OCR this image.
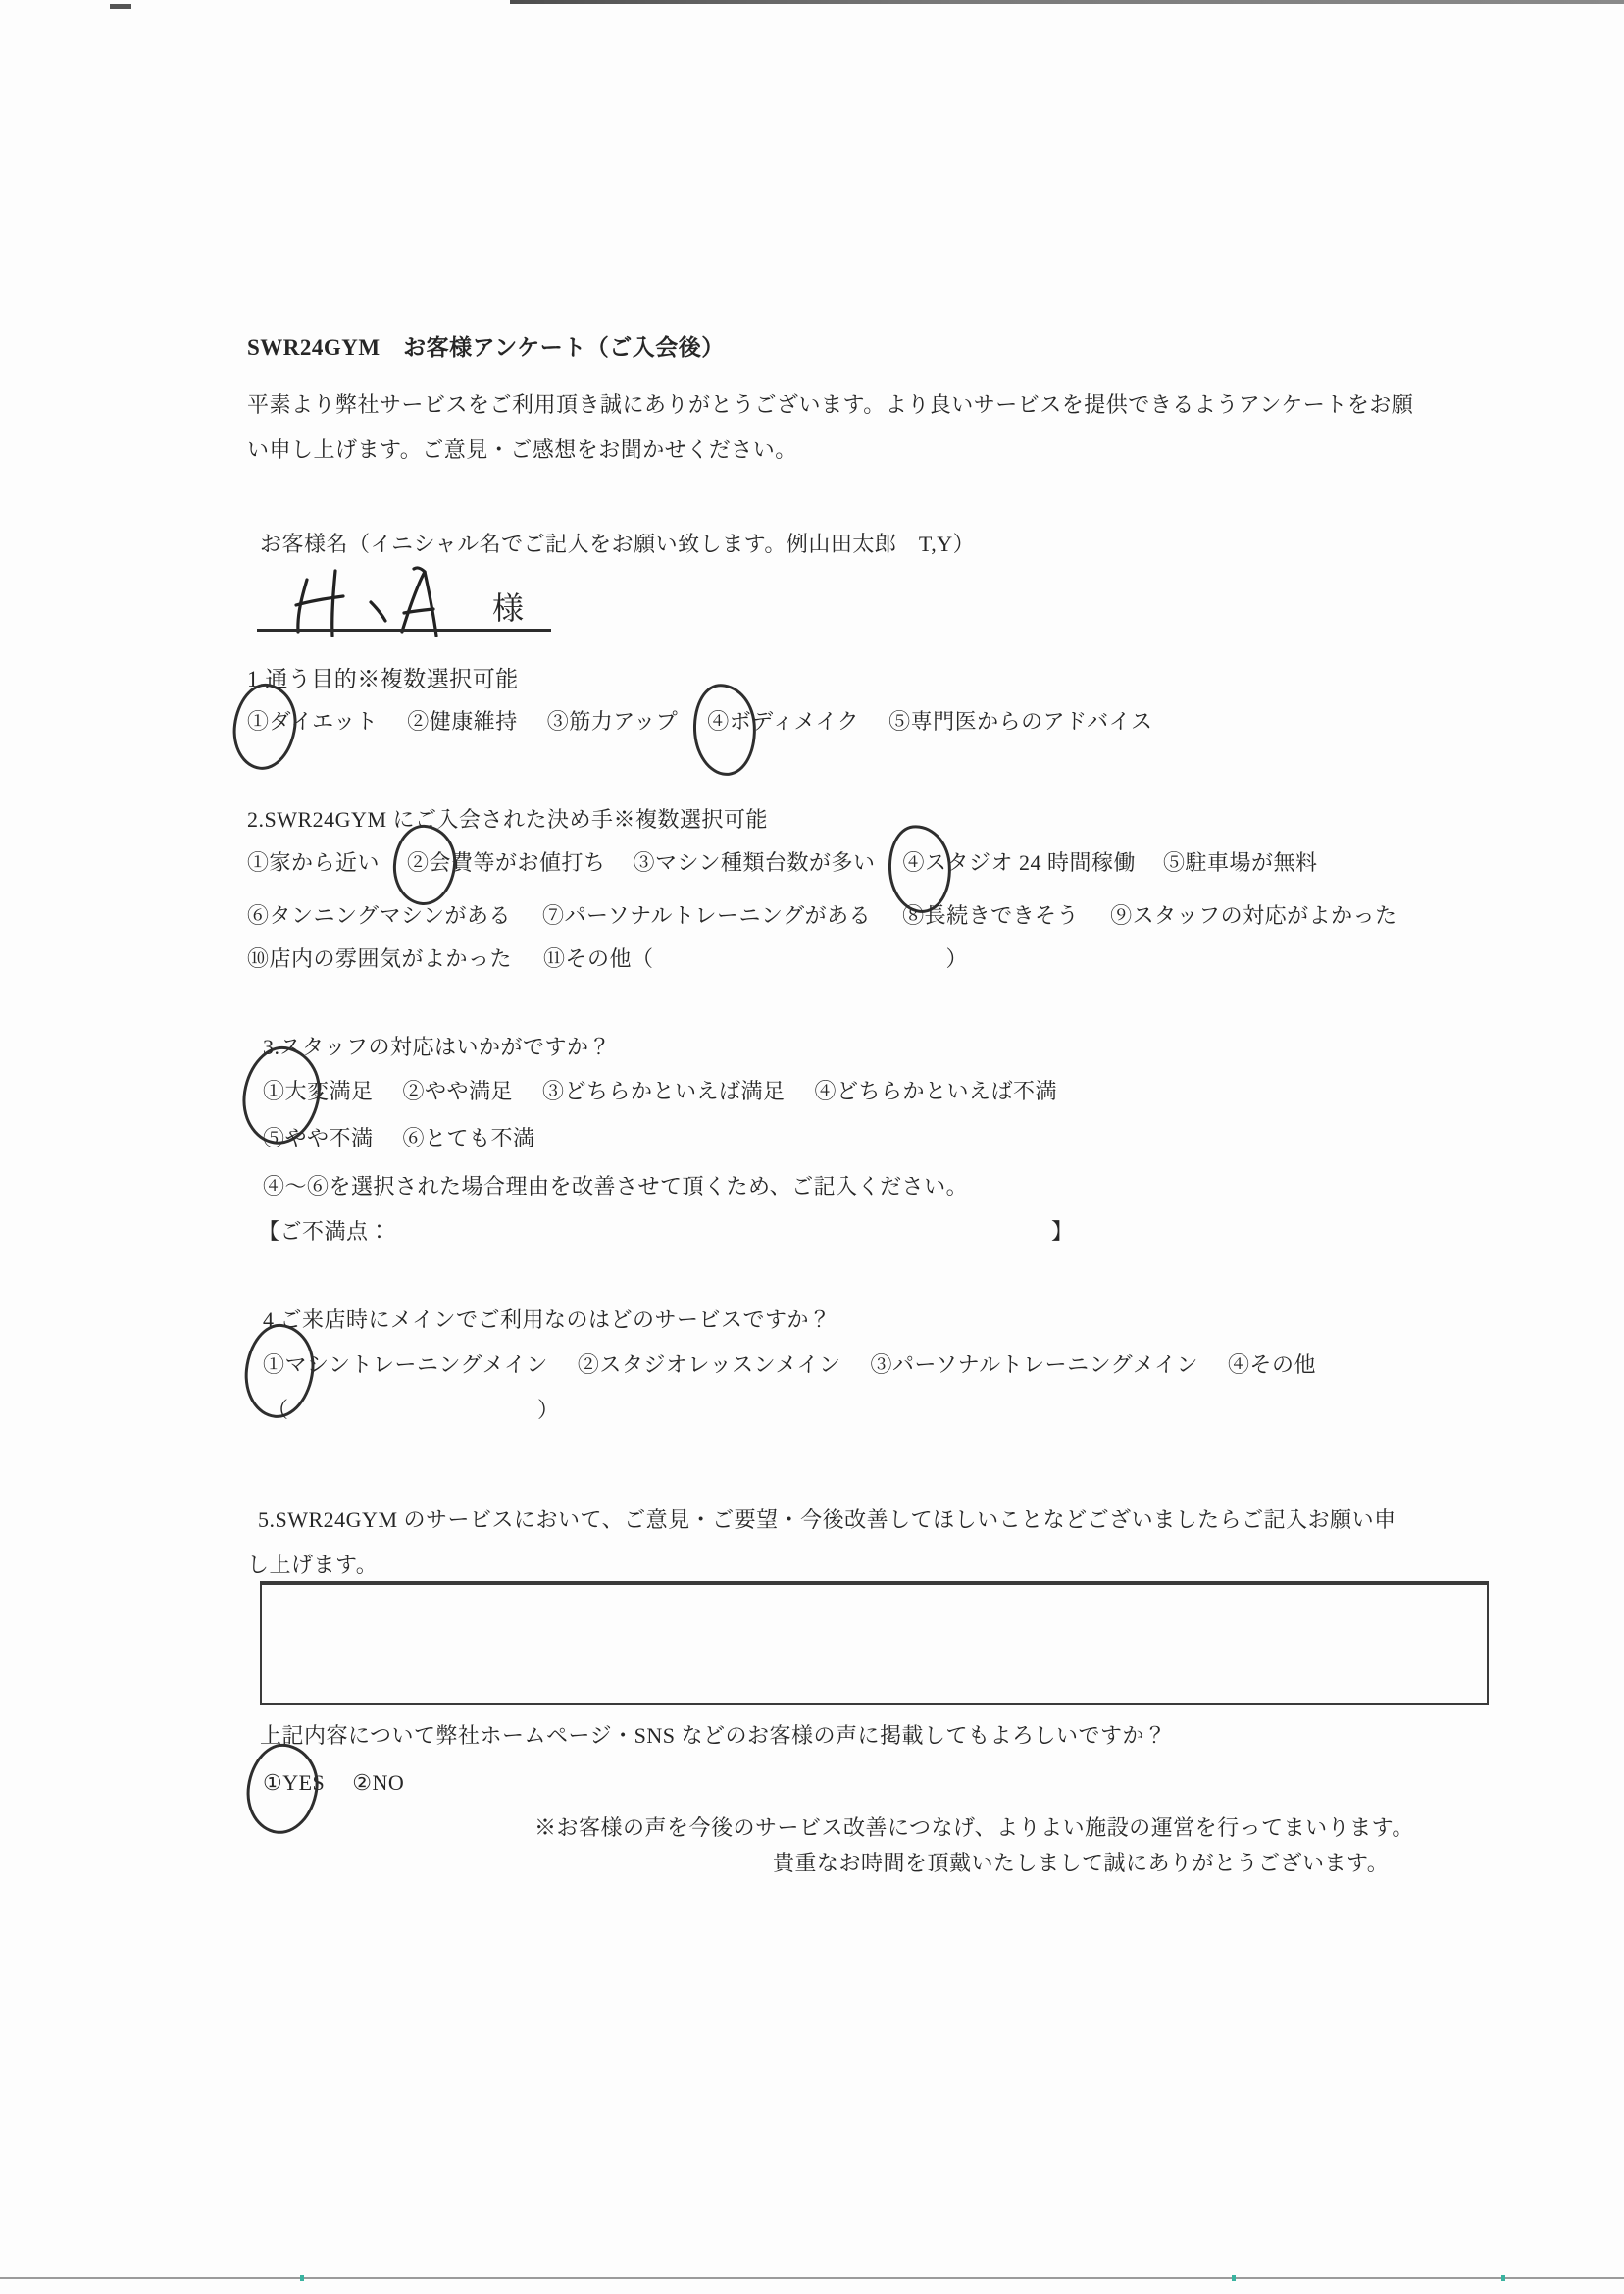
SWR24GYM　お客様アンケート（ご入会後）
平素より弊社サービスをご利用頂き誠にありがとうございます。より良いサービスを提供できるようアンケートをお願
い申し上げます。ご意見・ご感想をお聞かせください。
お客様名（イニシャル名でご記入をお願い致します。例山田太郎　T,Y）
様
1.通う目的※複数選択可能
①ダイエット ②健康維持 ③筋力アップ ④ボディメイク ⑤専門医からのアドバイス
2.SWR24GYM にご入会された決め手※複数選択可能
①家から近い ②会費等がお値打ち ③マシン種類台数が多い ④スタジオ 24 時間稼働 ⑤駐車場が無料
⑥タンニングマシンがある ⑦パーソナルトレーニングがある ⑧長続きできそう ⑨スタッフの対応がよかった
⑩店内の雰囲気がよかった ⑪その他（	）
3.スタッフの対応はいかがですか？
①大変満足 ②やや満足 ③どちらかといえば満足 ④どちらかといえば不満
⑤やや不満 ⑥とても不満
④～⑥を選択された場合理由を改善させて頂くため、ご記入ください。
【ご不満点：	】
4.ご来店時にメインでご利用なのはどのサービスですか？
①マシントレーニングメイン ②スタジオレッスンメイン ③パーソナルトレーニングメイン ④その他
（	）
5.SWR24GYM のサービスにおいて、ご意見・ご要望・今後改善してほしいことなどございましたらご記入お願い申
し上げます。
上記内容について弊社ホームページ・SNS などのお客様の声に掲載してもよろしいですか？
①YES ②NO
※お客様の声を今後のサービス改善につなげ、よりよい施設の運営を行ってまいります。
貴重なお時間を頂戴いたしまして誠にありがとうございます。
